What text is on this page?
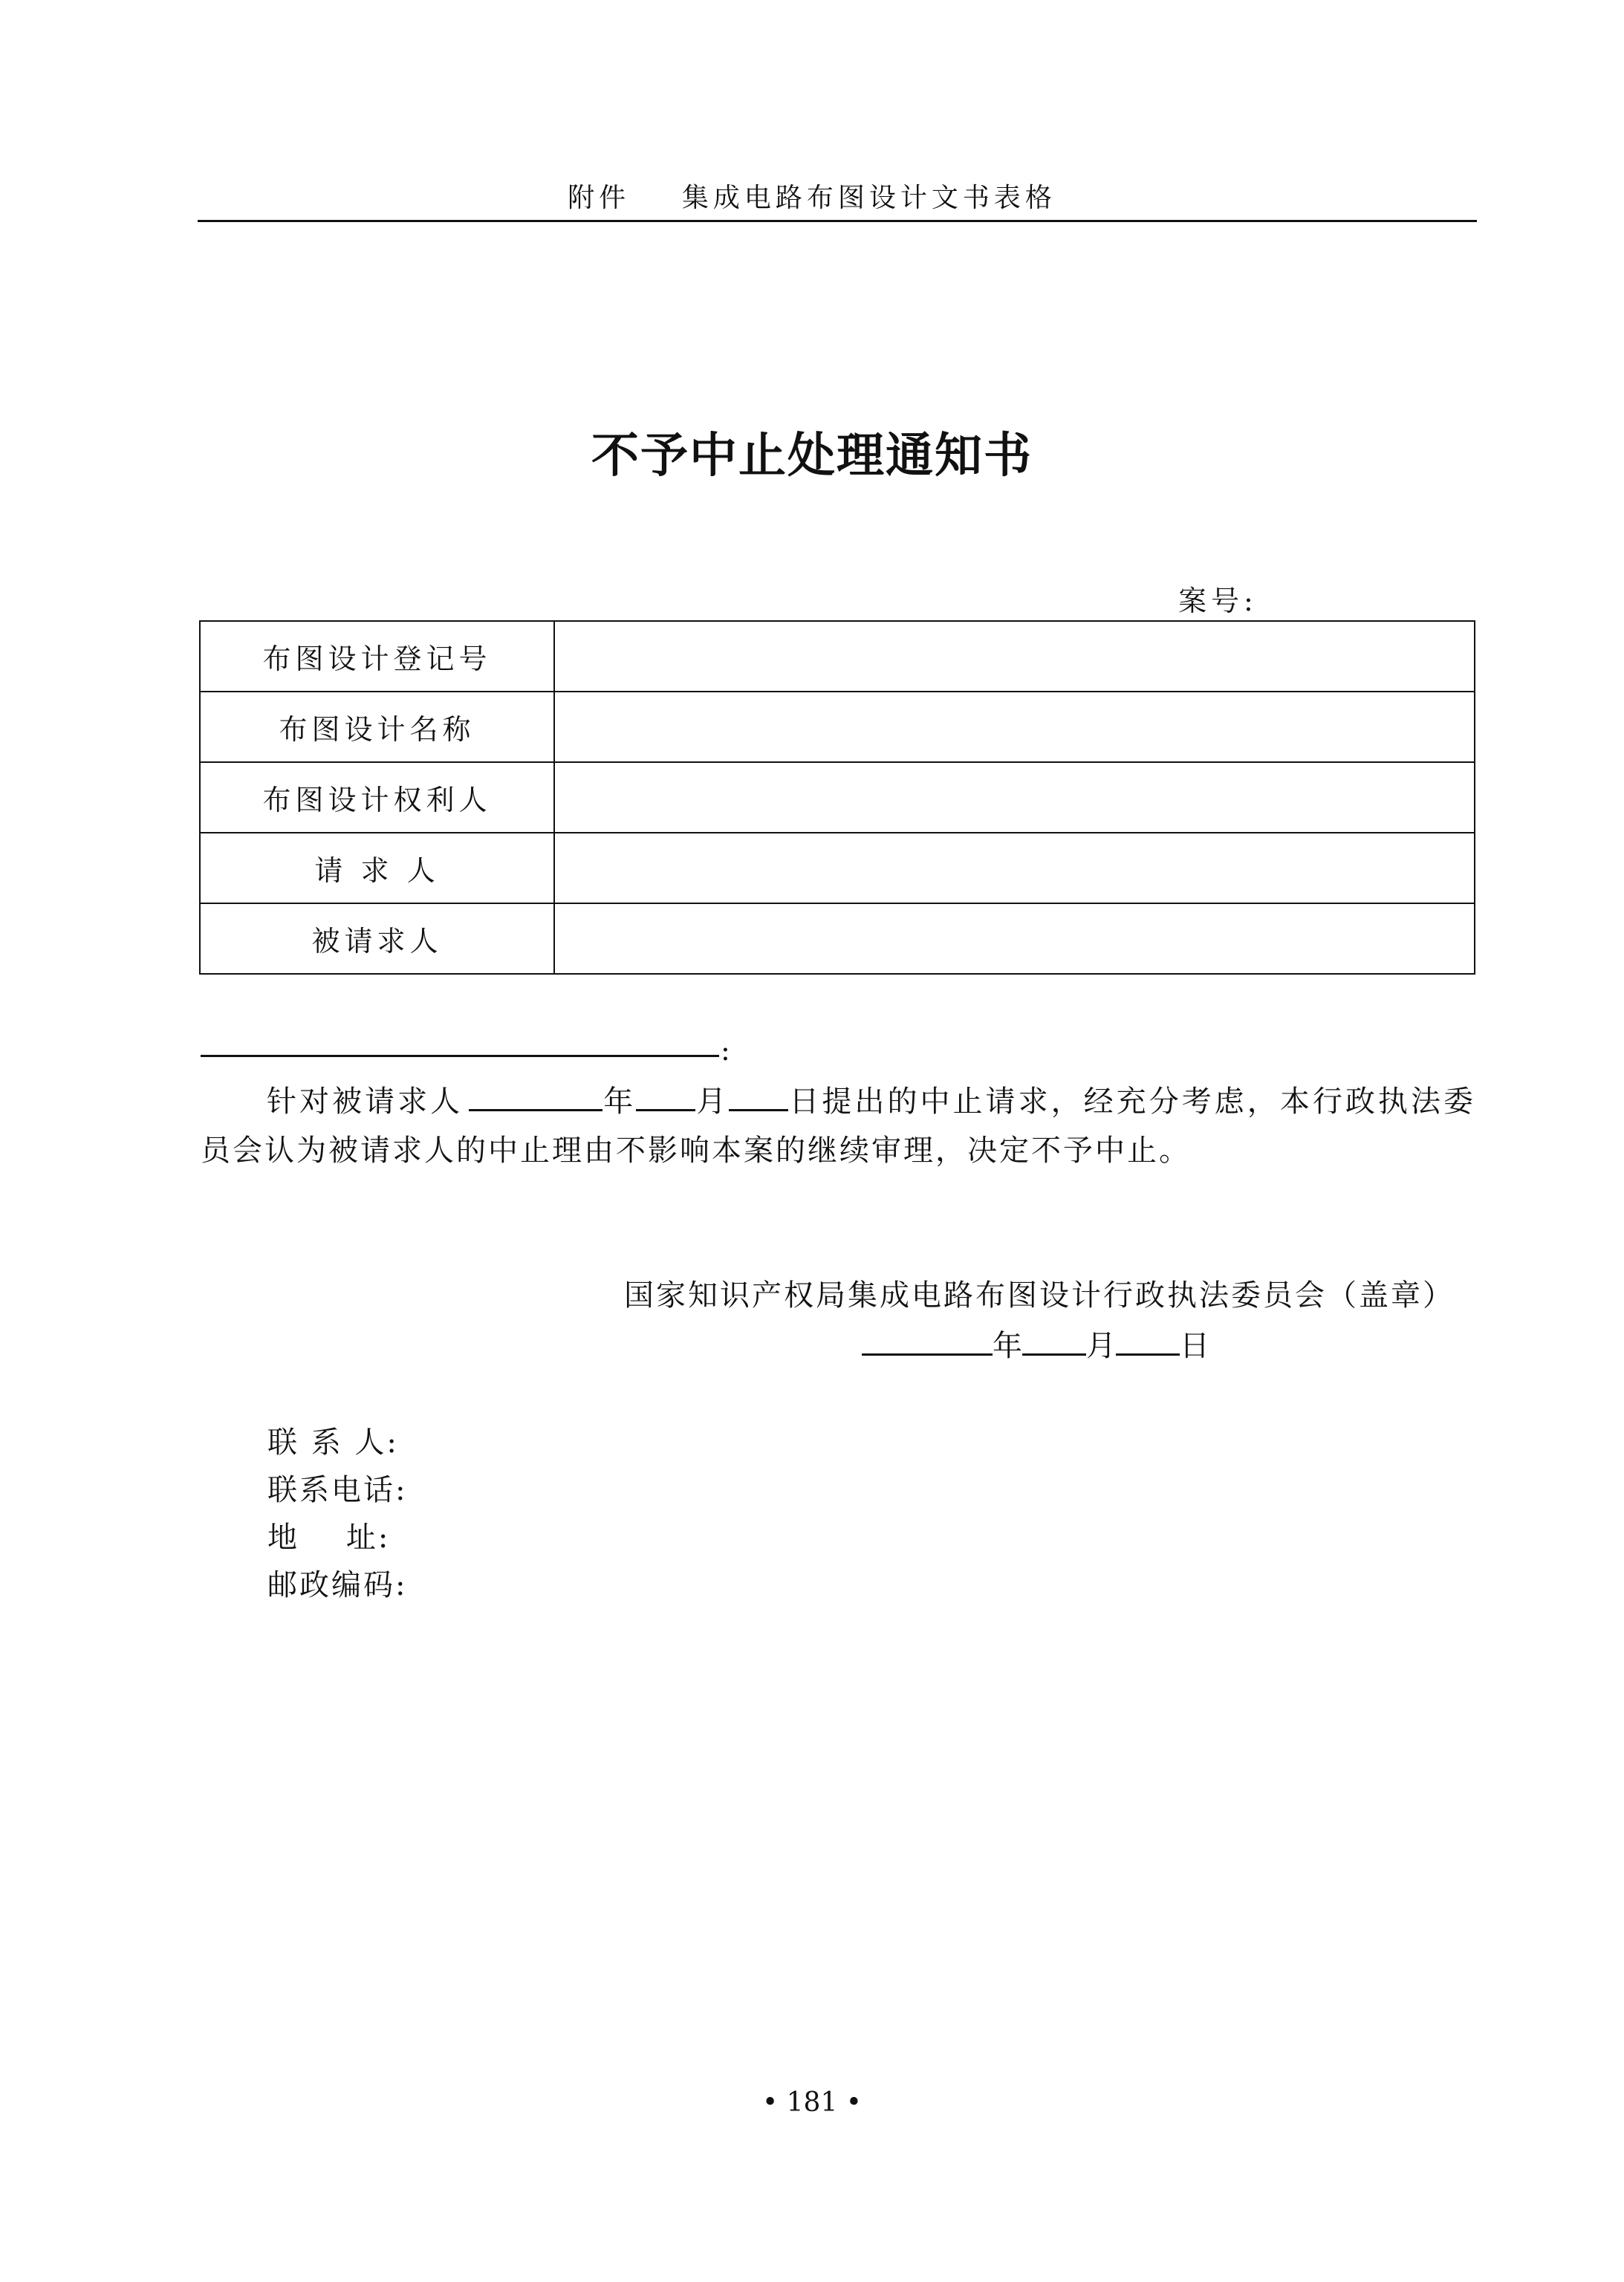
附件    集成电路布图设计文书表格
不予中止处理通知书
案号:
布图设计登记号	
布图设计名称	
布图设计权利人	
请 求 人	
被请求人	
:
针对被请求人	年 月 日提出的中止请求，经充分考虑，本行政执法委员会认为被请求人的中止理由不影响本案的继续审理，决定不予中止。
国家知识产权局集成电路布图设计行政执法委员会（盖章）
年 月 日
联 系 人:
联系电话:
地    址:
邮政编码:
• 181 •
